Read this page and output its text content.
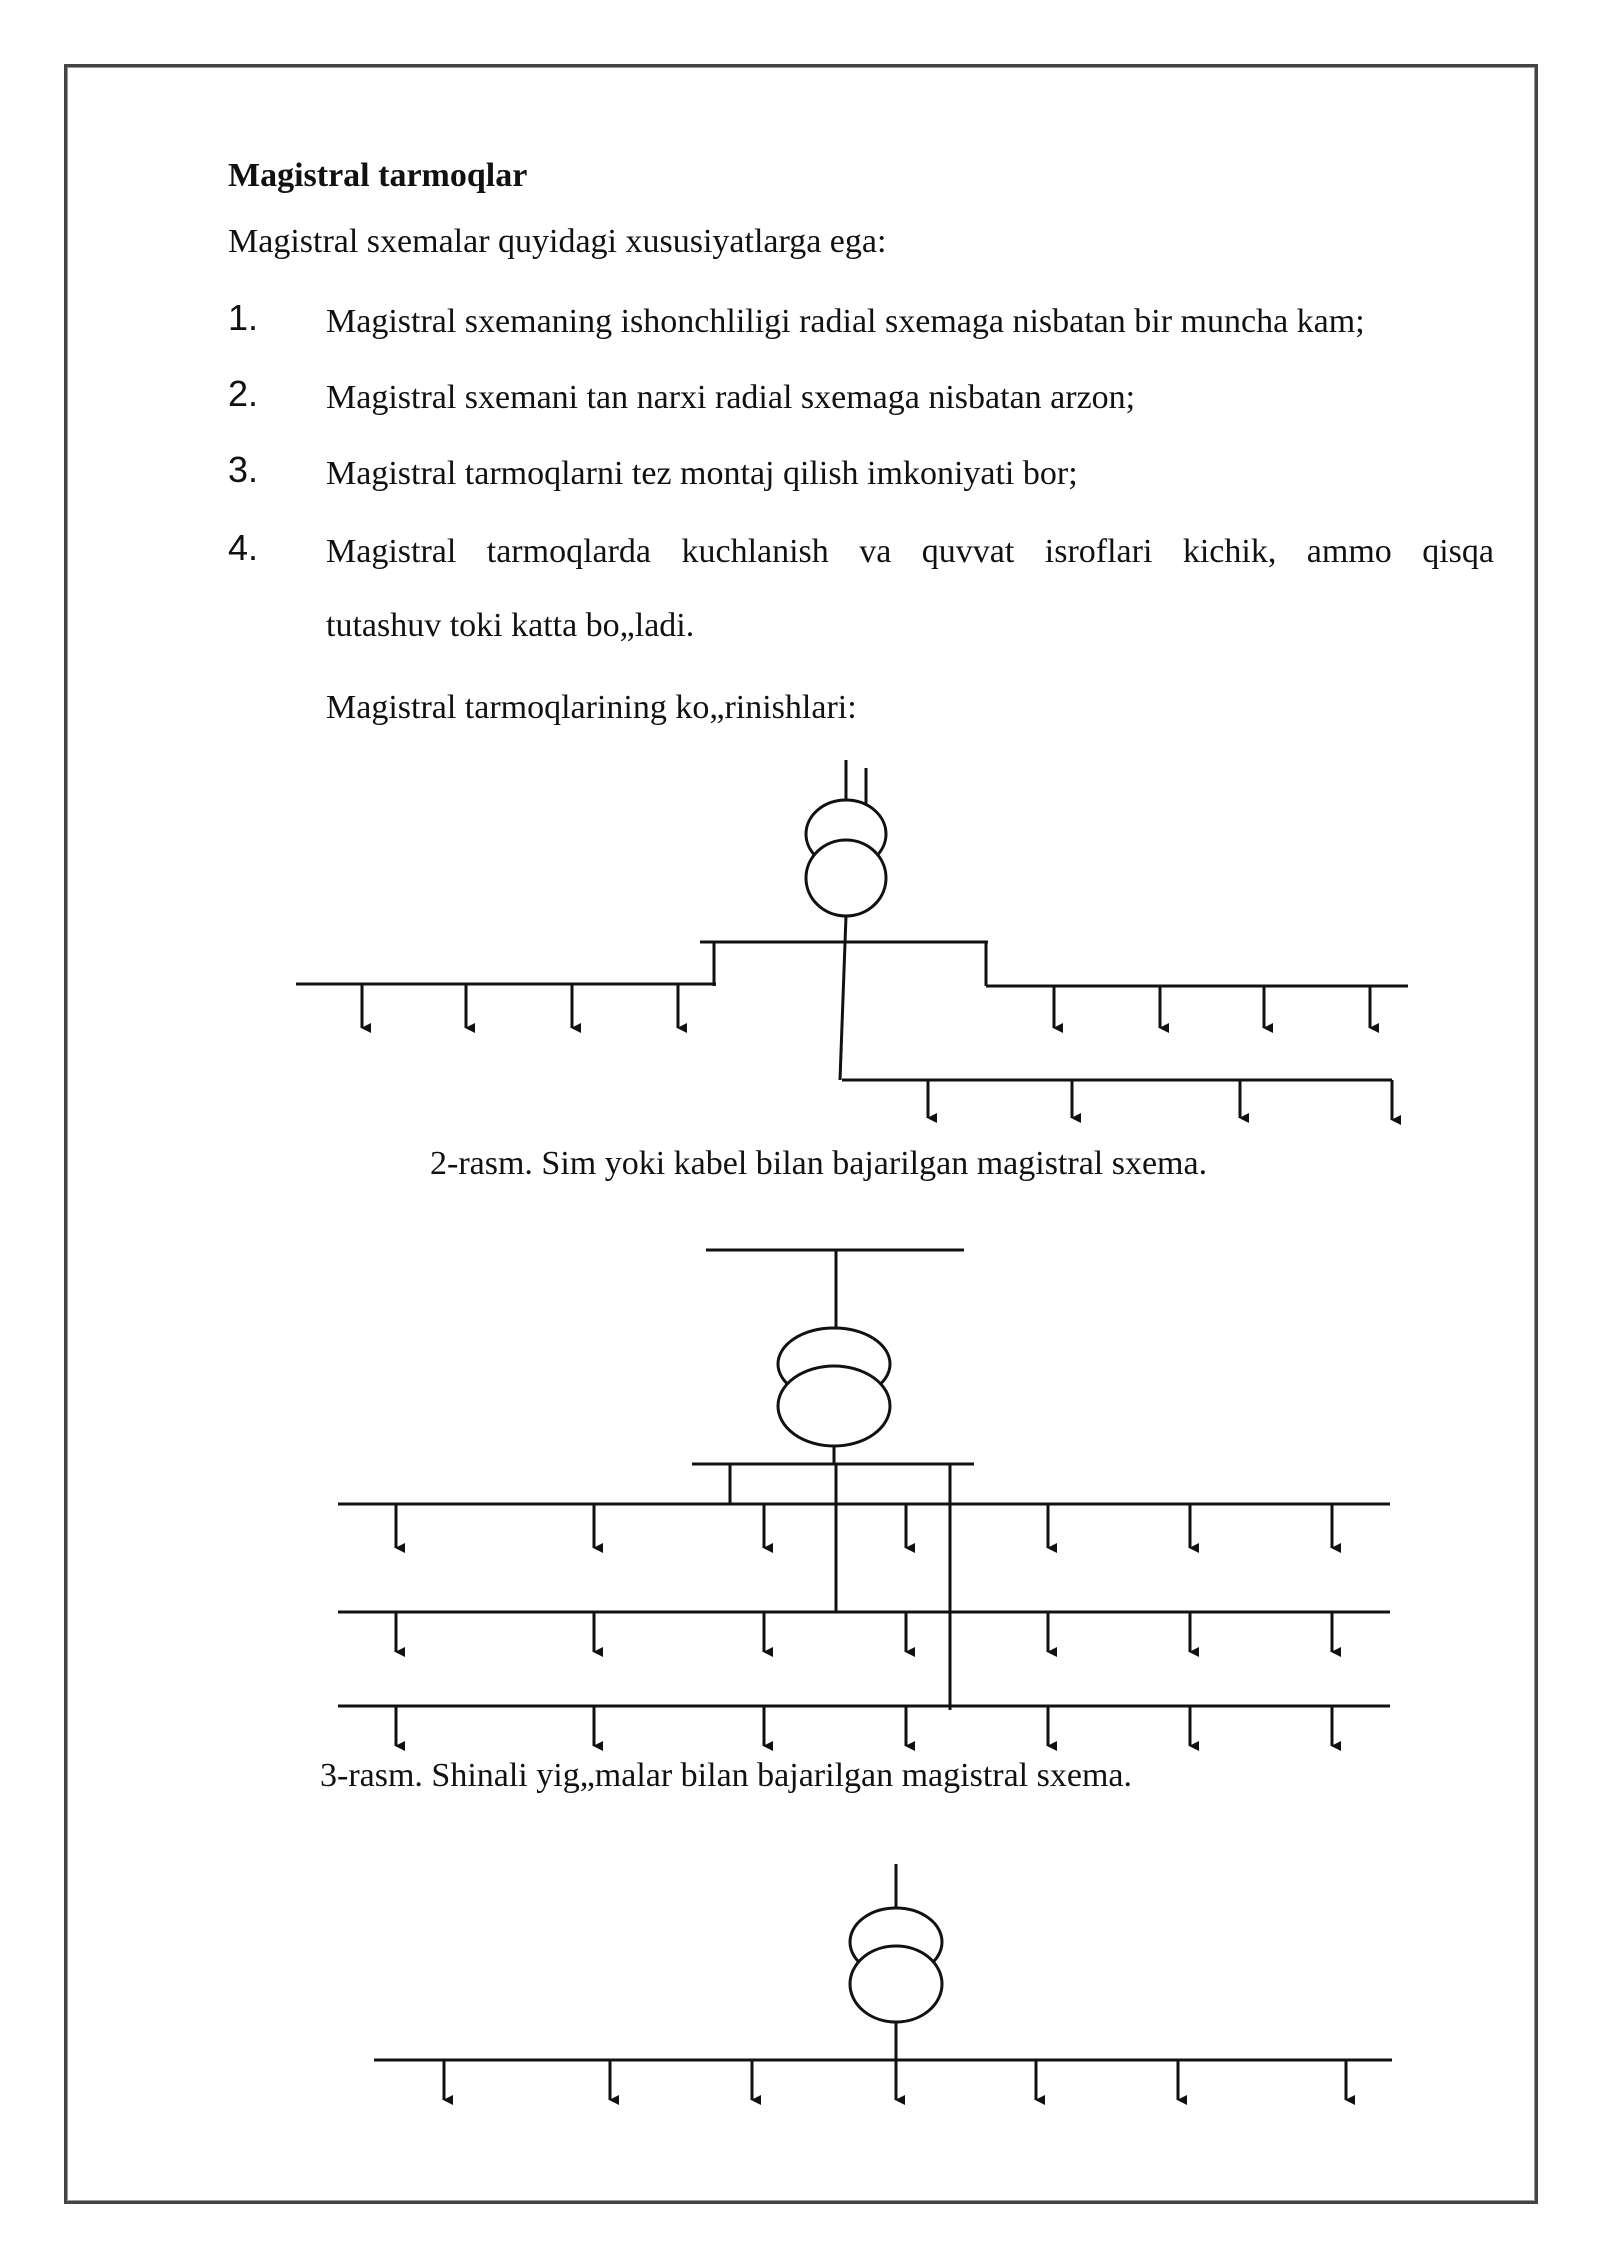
Magistral tarmoqlar
Magistral sxemalar quyidagi xususiyatlarga ega:
1. Magistral sxemaning ishonchliligi radial sxemaga nisbatan bir muncha kam;
2. Magistral sxemani tan narxi radial sxemaga nisbatan arzon;
3. Magistral tarmoqlarni tez montaj qilish imkoniyati bor;
4. Magistral tarmoqlarda kuchlanish va quvvat isroflari kichik, ammo qisqa
tutashuv toki katta bo„ladi.
Magistral tarmoqlarining ko„rinishlari:
2-rasm. Sim yoki kabel bilan bajarilgan magistral sxema.
3-rasm. Shinali yig„malar bilan bajarilgan magistral sxema.
